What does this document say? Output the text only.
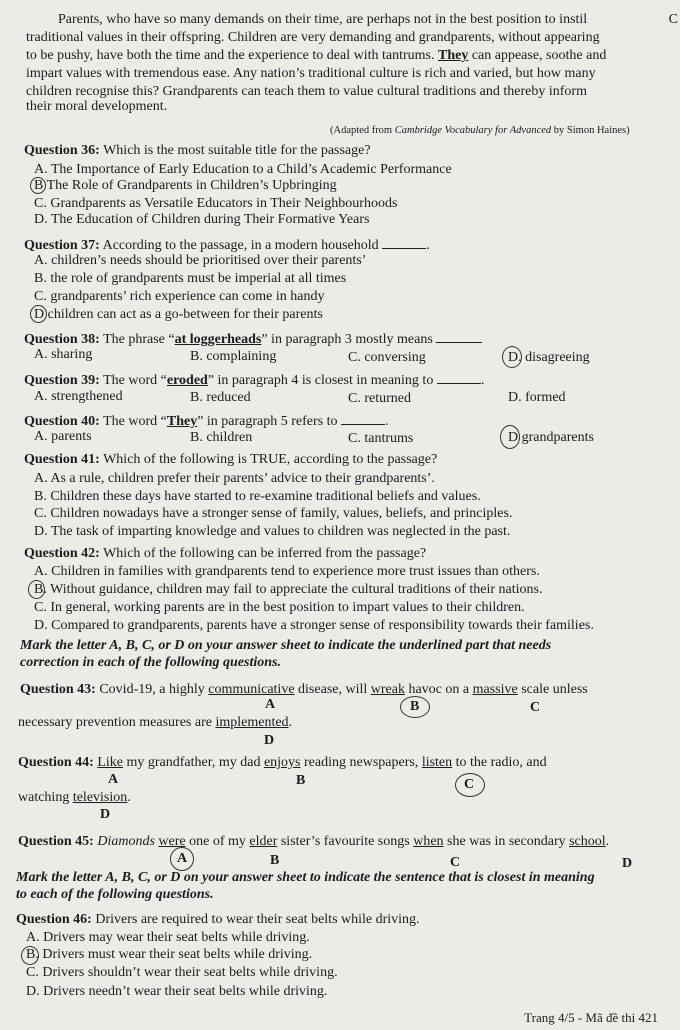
C
Parents, who have so many demands on their time, are perhaps not in the best position to instil
traditional values in their offspring. Children are very demanding and grandparents, without appearing
to be pushy, have both the time and the experience to deal with tantrums. They can appease, soothe and
impart values with tremendous ease. Any nation’s traditional culture is rich and varied, but how many
children recognise this? Grandparents can teach them to value cultural traditions and thereby inform
their moral development.
(Adapted from Cambridge Vocabulary for Advanced by Simon Haines)
Question 36: Which is the most suitable title for the passage?
A. The Importance of Early Education to a Child’s Academic Performance
B The Role of Grandparents in Children’s Upbringing
C. Grandparents as Versatile Educators in Their Neighbourhoods
D. The Education of Children during Their Formative Years
Question 37: According to the passage, in a modern household	.
A. children’s needs should be prioritised over their parents’
B. the role of grandparents must be imperial at all times
C. grandparents’ rich experience can come in handy
D children can act as a go-between for their parents
Question 38: The phrase “at loggerheads” in paragraph 3 mostly means
A. sharing	B. complaining	C. conversing	D. disagreeing
Question 39: The word “eroded” in paragraph 4 is closest in meaning to	.
A. strengthened	B. reduced	C. returned	D. formed
Question 40: The word “They” in paragraph 5 refers to	.
A. parents	B. children	C. tantrums	D grandparents
Question 41: Which of the following is TRUE, according to the passage?
A. As a rule, children prefer their parents’ advice to their grandparents’.
B. Children these days have started to re-examine traditional beliefs and values.
C. Children nowadays have a stronger sense of family, values, beliefs, and principles.
D. The task of imparting knowledge and values to children was neglected in the past.
Question 42: Which of the following can be inferred from the passage?
A. Children in families with grandparents tend to experience more trust issues than others.
B. Without guidance, children may fail to appreciate the cultural traditions of their nations.
C. In general, working parents are in the best position to impart values to their children.
D. Compared to grandparents, parents have a stronger sense of responsibility towards their families.
Mark the letter A, B, C, or D on your answer sheet to indicate the underlined part that needs
correction in each of the following questions.
Question 43: Covid-19, a highly communicative disease, will wreak havoc on a massive scale unless
A	B	C
necessary prevention measures are implemented.
D
Question 44: Like my grandfather, my dad enjoys reading newspapers, listen to the radio, and
A	B	C
watching television.
D
Question 45: Diamonds were one of my elder sister’s favourite songs when she was in secondary school.
A	B	C	D
Mark the letter A, B, C, or D on your answer sheet to indicate the sentence that is closest in meaning
to each of the following questions.
Question 46: Drivers are required to wear their seat belts while driving.
A. Drivers may wear their seat belts while driving.
B. Drivers must wear their seat belts while driving.
C. Drivers shouldn’t wear their seat belts while driving.
D. Drivers needn’t wear their seat belts while driving.
Trang 4/5 - Mã đề thi 421
